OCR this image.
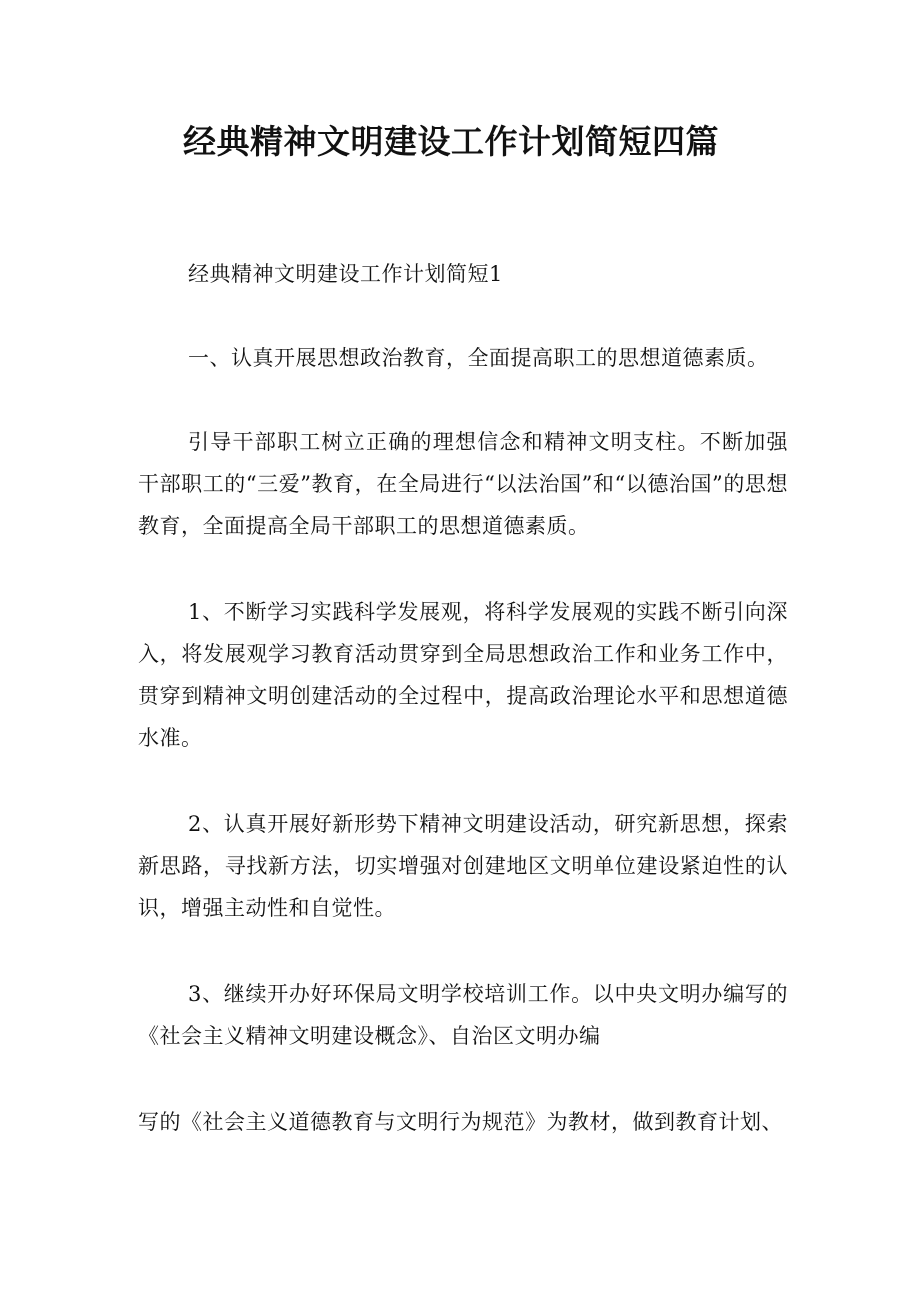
经典精神文明建设工作计划简短四篇

经典精神文明建设工作计划简短1

一、认真开展思想政治教育，全面提高职工的思想道德素质。

引导干部职工树立正确的理想信念和精神文明支柱。不断加强干部职工的“三爱”教育，在全局进行“以法治国”和“以德治国”的思想教育，全面提高全局干部职工的思想道德素质。

1、不断学习实践科学发展观，将科学发展观的实践不断引向深入，将发展观学习教育活动贯穿到全局思想政治工作和业务工作中，贯穿到精神文明创建活动的全过程中，提高政治理论水平和思想道德水准。

2、认真开展好新形势下精神文明建设活动，研究新思想，探索新思路，寻找新方法，切实增强对创建地区文明单位建设紧迫性的认识，增强主动性和自觉性。

3、继续开办好环保局文明学校培训工作。以中央文明办编写的《社会主义精神文明建设概念》、自治区文明办编

写的《社会主义道德教育与文明行为规范》为教材，做到教育计划、
